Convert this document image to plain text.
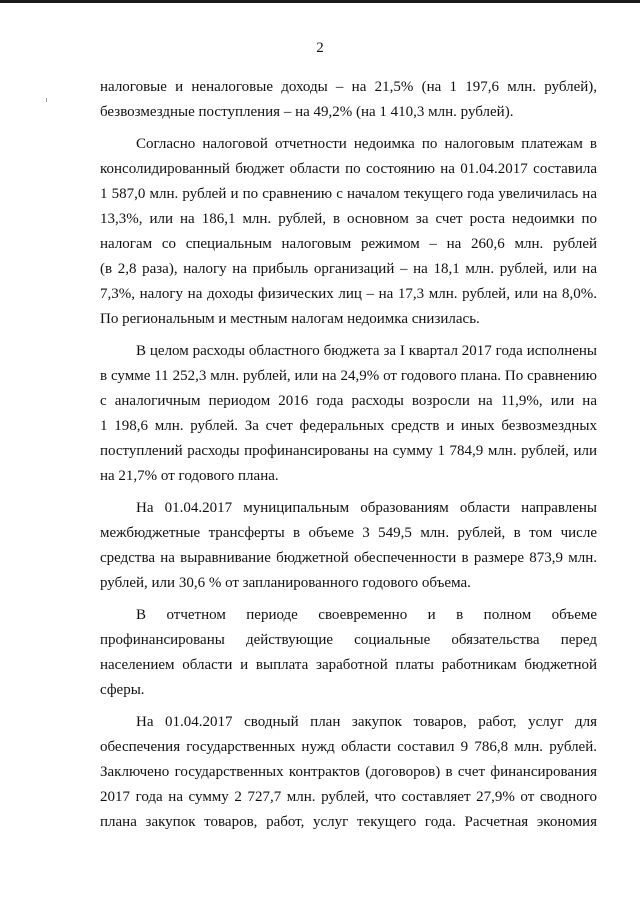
2
налоговые и неналоговые доходы – на 21,5% (на 1 197,6 млн. рублей),
безвозмездные поступления – на 49,2% (на 1 410,3 млн. рублей).
Согласно налоговой отчетности недоимка по налоговым платежам в
консолидированный бюджет области по состоянию на 01.04.2017 составила
1 587,0 млн. рублей и по сравнению с началом текущего года увеличилась на
13,3%, или на 186,1 млн. рублей, в основном за счет роста недоимки по
налогам со специальным налоговым режимом – на 260,6 млн. рублей
(в 2,8 раза), налогу на прибыль организаций – на 18,1 млн. рублей, или на
7,3%, налогу на доходы физических лиц – на 17,3 млн. рублей, или на 8,0%.
По региональным и местным налогам недоимка снизилась.
В целом расходы областного бюджета за I квартал 2017 года исполнены
в сумме 11 252,3 млн. рублей, или на 24,9% от годового плана. По сравнению
с аналогичным периодом 2016 года расходы возросли на 11,9%, или на
1 198,6 млн. рублей. За счет федеральных средств и иных безвозмездных
поступлений расходы профинансированы на сумму 1 784,9 млн. рублей, или
на 21,7% от годового плана.
На 01.04.2017 муниципальным образованиям области направлены
межбюджетные трансферты в объеме 3 549,5 млн. рублей, в том числе
средства на выравнивание бюджетной обеспеченности в размере 873,9 млн.
рублей, или 30,6 % от запланированного годового объема.
В отчетном периоде своевременно и в полном объеме
профинансированы действующие социальные обязательства перед
населением области и выплата заработной платы работникам бюджетной
сферы.
На 01.04.2017 сводный план закупок товаров, работ, услуг для
обеспечения государственных нужд области составил 9 786,8 млн. рублей.
Заключено государственных контрактов (договоров) в счет финансирования
2017 года на сумму 2 727,7 млн. рублей, что составляет 27,9% от сводного
плана закупок товаров, работ, услуг текущего года. Расчетная экономия
